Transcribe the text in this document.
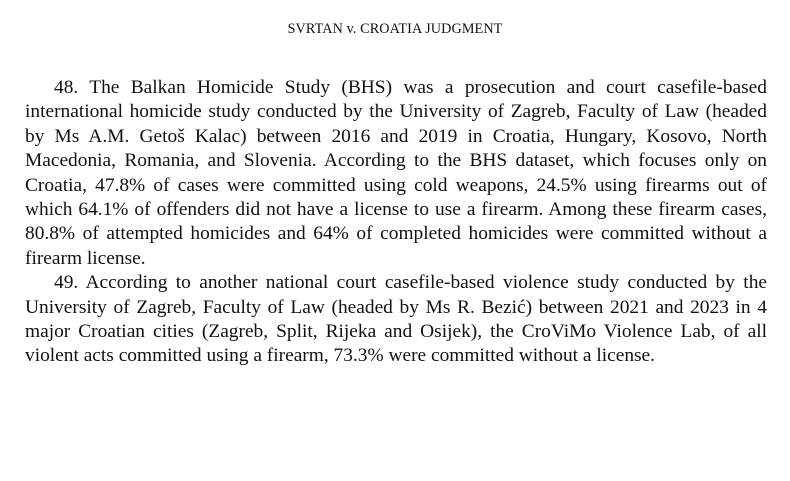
SVRTAN v. CROATIA JUDGMENT

48. The Balkan Homicide Study (BHS) was a prosecution and court casefile-based international homicide study conducted by the University of Zagreb, Faculty of Law (headed by Ms A.M. Getoš Kalac) between 2016 and 2019 in Croatia, Hungary, Kosovo, North Macedonia, Romania, and Slovenia. According to the BHS dataset, which focuses only on Croatia, 47.8% of cases were committed using cold weapons, 24.5% using firearms out of which 64.1% of offenders did not have a license to use a firearm. Among these firearm cases, 80.8% of attempted homicides and 64% of completed homicides were committed without a firearm license.

49. According to another national court casefile-based violence study conducted by the University of Zagreb, Faculty of Law (headed by Ms R. Bezić) between 2021 and 2023 in 4 major Croatian cities (Zagreb, Split, Rijeka and Osijek), the CroViMo Violence Lab, of all violent acts committed using a firearm, 73.3% were committed without a license.
